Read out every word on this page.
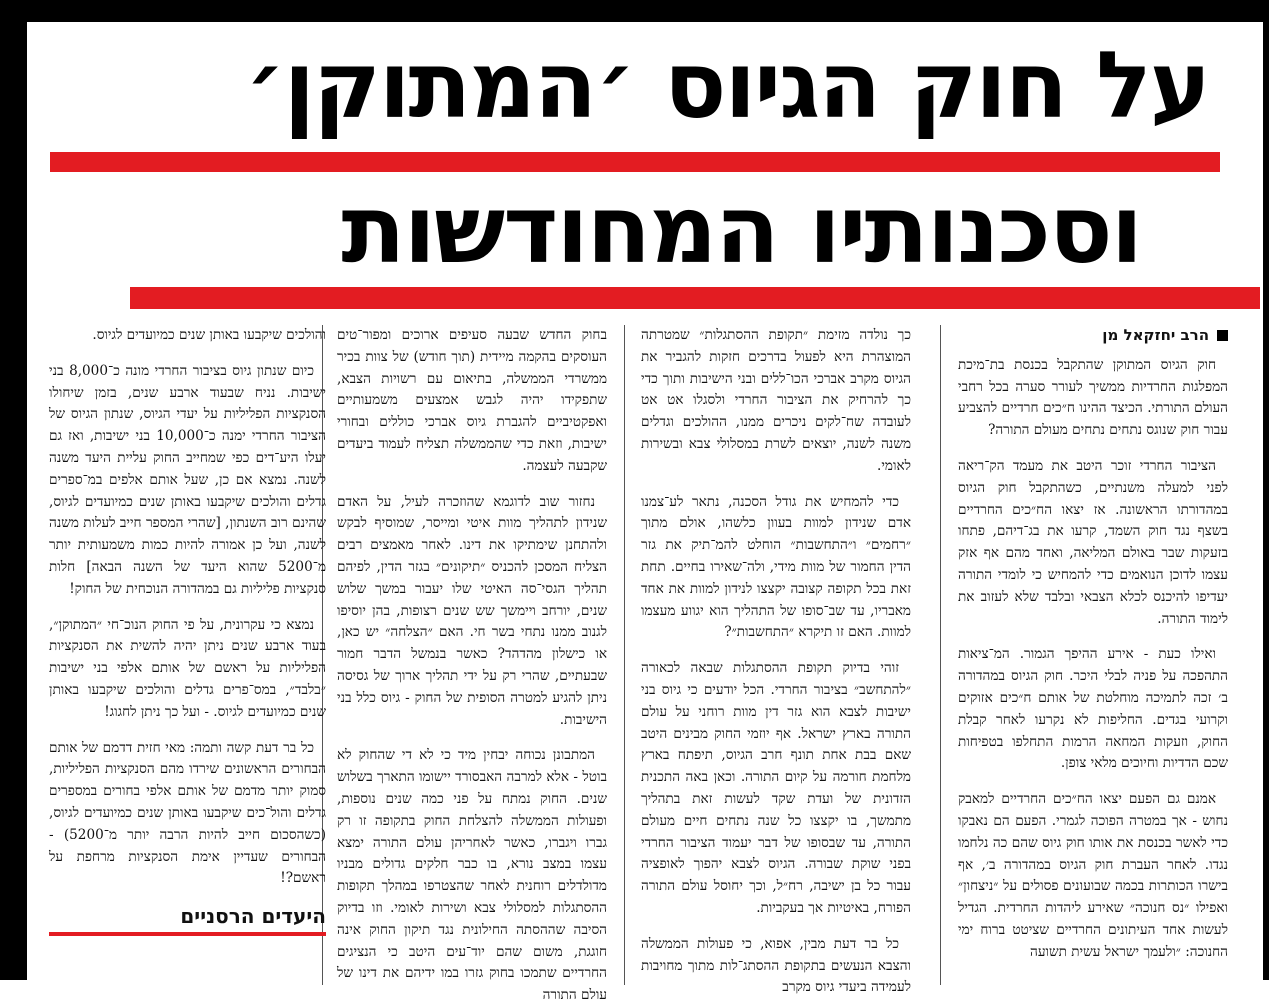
על חוק הגיוס ׳המתוקן׳
וסכנותיו המחודשות
הרב יחזקאל מן

חוק הגיוס המתוקן שהתקבל בכנסת בת־מיכת המפלגות החרדיות ממשיך לעורר סערה בכל רחבי העולם התורתי. הכיצד ההינו ח״כים חרדיים להצביע עבור חוק שנוגס נתחים נתחים מעולם התורה?

הציבור החרדי זוכר היטב את מעמד הק־ריאה לפני למעלה משנתיים, כשהתקבל חוק הגיוס במהדורתו הראשונה. אז יצאו הח״כים החרדיים בשצף נגד חוק השמד, קרעו את בג־דיהם, פתחו בזעקות שבר באולם המליאה, ואחד מהם אף אזק עצמו לדוכן הנואמים כדי להמחיש כי לומדי התורה יעדיפו להיכנס לכלא הצבאי ובלבד שלא לעזוב את לימוד התורה.

ואילו כעת - אירע ההיפך הגמור. המ־ציאות התהפכה על פניה לבלי היכר. חוק הגיוס במהדורה ב׳ זכה לתמיכה מוחלטת של אותם ח״כים אזוקים וקרועי בגדים. החליפות לא נקרעו לאחר קבלת החוק, וזעקות המחאה הרמות התחלפו בטפיחות שכם הדדיות וחיוכים מלאי צופן.

אמנם גם הפעם יצאו הח״כים החרדיים למאבק נחוש - אך במטרה הפוכה לגמרי. הפעם הם נאבקו כדי לאשר בכנסת את אותו חוק גיוס שהם כה נלחמו נגדו. לאחר העברת חוק הגיוס במהדורה ב׳, אף בישרו הכותרות בכמה שבועונים פסולים על ״ניצחון״ ואפילו ״נס חנוכה״ שאירע ליהדות החרדית. הגדיל לעשות אחד העיתונים החרדיים שציטט ברוח ימי החנוכה: ״ולעמך ישראל עשית תשועה

כך נולדה מזימת ״תקופת ההסתגלות״ שמטרתה המוצהרת היא לפעול בדרכים חזקות להגביר את הגיוס מקרב אברכי הכו־ללים ובני הישיבות ותוך כדי כך להרחיק את הציבור החרדי ולסגלו אט אט לעובדה שח־לקים ניכרים ממנו, ההולכים וגדלים משנה לשנה, יוצאים לשרת במסלולי צבא ובשירות לאומי.

כדי להמחיש את גודל הסכנה, נתאר לע־צמנו אדם שנידון למוות בעוון כלשהו, אולם מתוך ״רחמים״ ו״התחשבות״ הוחלט להמ־תיק את גזר הדין החמור של מוות מידי, ולה־שאירו בחיים. תחת זאת בכל תקופה קצובה יקצצו לנידון למוות את אחד מאבריו, עד שב־סופו של התהליך הוא יגווע מעצמו למוות. האם זו תיקרא ״התחשבות״?

זוהי בדיוק תקופת ההסתגלות שבאה לכאורה ״להתחשב״ בציבור החרדי. הכל יודעים כי גיוס בני ישיבות לצבא הוא גזר דין מוות רוחני על עולם התורה בארץ ישראל. אף יוזמי החוק מבינים היטב שאם בבת אחת תונף חרב הגיוס, תיפתח בארץ מלחמת חורמה על קיום התורה. וכאן באה התכנית הזדונית של ועדת שקד לעשות זאת בתהליך מתמשך, בו יקצצו כל שנה נתחים חיים מעולם התורה, עד שבסופו של דבר יעמוד הציבור החרדי בפני שוקת שבורה. הגיוס לצבא יהפוך לאופציה עבור כל בן ישיבה, רח״ל, וכך יחוסל עולם התורה הפורח, באיטיות אך בעקביות.

כל בר דעת מבין, אפוא, כי פעולות הממשלה והצבא הנעשים בתקופת ההסתג־לות מתוך מחויבות לעמידה ביעדי גיוס מקרב

בחוק החדש שבעה סעיפים ארוכים ומפור־טים העוסקים בהקמה מיידית (תוך חודש) של צוות בכיר ממשרדי הממשלה, בתיאום עם רשויות הצבא, שתפקידו יהיה לגבש אמצעים משמעותיים ואפקטיביים להגברת גיוס אברכי כוללים ובחורי ישיבות, וזאת כדי שהממשלה תצליח לעמוד ביעדים שקבעה לעצמה.

נחזור שוב לדוגמא שהוזכרה לעיל, על האדם שנידון לתהליך מוות איטי ומייסר, שמוסיף לבקש ולהתחנן שימתיקו את דינו. לאחר מאמצים רבים הצליח המסכן להכניס ״תיקונים״ בגזר הדין, לפיהם תהליך הגסי־סה האיטי שלו יעבור במשך שלוש שנים, יורחב ויימשך שש שנים רצופות, בהן יוסיפו לגנוב ממנו נתחי בשר חי. האם ״הצלחה״ יש כאן, או כישלון מהדהד? כאשר בנמשל הדבר חמור שבעתיים, שהרי רק על ידי תהליך ארוך של גסיסה ניתן להגיע למטרה הסופית של החוק - גיוס כלל בני הישיבות.

המתבונן נכוחה יבחין מיד כי לא די שהחוק לא בוטל - אלא למרבה האבסורד יישומו התארך בשלוש שנים. החוק נמתח על פני כמה שנים נוספות, ופעולות הממשלה להצלחת החוק בתקופה זו רק גברו ויגברו, כאשר לאחריהן עולם התורה ימצא עצמו במצב נורא, בו כבר חלקים גדולים מבניו מדולדלים רוחנית לאחר שהצטרפו במהלך תקופות ההסתגלות למסלולי צבא ושירות לאומי. וזו בדיוק הסיבה שההסתה החילונית נגד תיקון החוק אינה חוגגת, משום שהם יוד־עים היטב כי הנציגים החרדיים שתמכו בחוק גזרו במו ידיהם את דינו של עולם התורה

והולכים שיקבעו באותן שנים כמיועדים לגיוס.

כיום שנתון גיוס בציבור החרדי מונה כ־8,000 בני ישיבות. נניח שבעוד ארבע שנים, בזמן שיחולו הסנקציות הפליליות על יעדי הגיוס, שנתון הגיוס של הציבור החרדי ימנה כ־10,000 בני ישיבות, ואז גם יעלו היע־דים כפי שמחייב החוק עליית היעד משנה לשנה. נמצא אם כן, שעל אותם אלפים במ־ספרים גדלים והולכים שיקבעו באותן שנים כמיועדים לגיוס, שהינם רוב השנתון, [שהרי המספר חייב לעלות משנה לשנה, ועל כן אמורה להיות כמות משמעותית יותר מ־5200 שהוא היעד של השנה הבאה] חלות סנקציות פליליות גם במהדורה הנוכחית של החוק!

נמצא כי עקרונית, על פי החוק הנוכ־חי ״המתוקן״, בעוד ארבע שנים ניתן יהיה להשית את הסנקציות הפליליות על ראשם של אותם אלפי בני ישיבות ״בלבד״, במס־פרים גדלים והולכים שיקבעו באותן שנים כמיועדים לגיוס. - ועל כך ניתן לחגוג!

כל בר דעת קשה ותמה: מאי חזית דדמם של אותם הבחורים הראשונים שירדו מהם הסנקציות הפליליות, סמוק יותר מדמם של אותם אלפי בחורים במספרים גדלים והול־כים שיקבעו באותן שנים כמיועדים לגיוס, (כשהסכום חייב להיות הרבה יותר מ־5200) - הבחורים שעדיין אימת הסנקציות מרחפת על ראשם?!

היעדים הרסניים
